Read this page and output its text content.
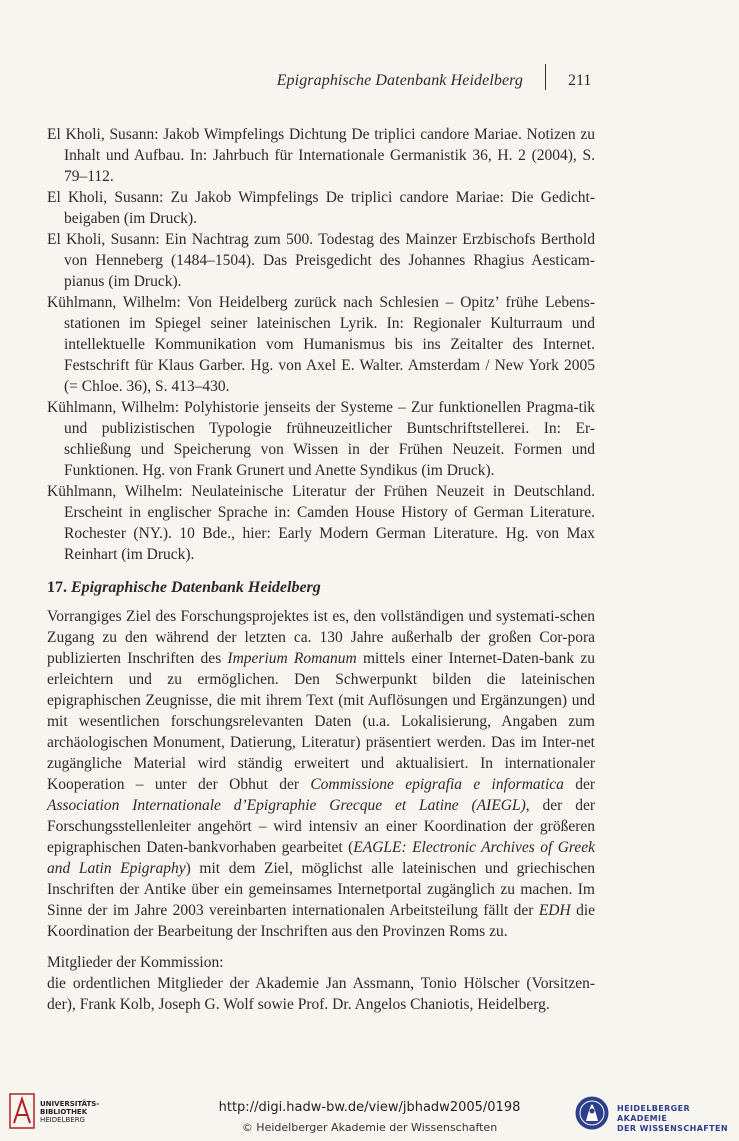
Epigraphische Datenbank Heidelberg	211

El Kholi, Susann: Jakob Wimpfelings Dichtung De triplici candore Mariae. Notizen zu Inhalt und Aufbau. In: Jahrbuch für Internationale Germanistik 36, H. 2 (2004), S. 79–112.

El Kholi, Susann: Zu Jakob Wimpfelings De triplici candore Mariae: Die Gedicht-beigaben (im Druck).

El Kholi, Susann: Ein Nachtrag zum 500. Todestag des Mainzer Erzbischofs Berthold von Henneberg (1484–1504). Das Preisgedicht des Johannes Rhagius Aesticam-pianus (im Druck).

Kühlmann, Wilhelm: Von Heidelberg zurück nach Schlesien – Opitz’ frühe Lebens-stationen im Spiegel seiner lateinischen Lyrik. In: Regionaler Kulturraum und intellektuelle Kommunikation vom Humanismus bis ins Zeitalter des Internet. Festschrift für Klaus Garber. Hg. von Axel E. Walter. Amsterdam / New York 2005 (= Chloe. 36), S. 413–430.

Kühlmann, Wilhelm: Polyhistorie jenseits der Systeme – Zur funktionellen Pragma-tik und publizistischen Typologie frühneuzeitlicher Buntschriftstellerei. In: Er-schließung und Speicherung von Wissen in der Frühen Neuzeit. Formen und Funktionen. Hg. von Frank Grunert und Anette Syndikus (im Druck).

Kühlmann, Wilhelm: Neulateinische Literatur der Frühen Neuzeit in Deutschland. Erscheint in englischer Sprache in: Camden House History of German Literature. Rochester (NY.). 10 Bde., hier: Early Modern German Literature. Hg. von Max Reinhart (im Druck).

17. Epigraphische Datenbank Heidelberg

Vorrangiges Ziel des Forschungsprojektes ist es, den vollständigen und systemati-schen Zugang zu den während der letzten ca. 130 Jahre außerhalb der großen Cor-pora publizierten Inschriften des Imperium Romanum mittels einer Internet-Daten-bank zu erleichtern und zu ermöglichen. Den Schwerpunkt bilden die lateinischen epigraphischen Zeugnisse, die mit ihrem Text (mit Auflösungen und Ergänzungen) und mit wesentlichen forschungsrelevanten Daten (u.a. Lokalisierung, Angaben zum archäologischen Monument, Datierung, Literatur) präsentiert werden. Das im Inter-net zugängliche Material wird ständig erweitert und aktualisiert. In internationaler Kooperation – unter der Obhut der Commissione epigrafia e informatica der Association Internationale d’Epigraphie Grecque et Latine (AIEGL), der der Forschungsstellenleiter angehört – wird intensiv an einer Koordination der größeren epigraphischen Daten-bankvorhaben gearbeitet (EAGLE: Electronic Archives of Greek and Latin Epigraphy) mit dem Ziel, möglichst alle lateinischen und griechischen Inschriften der Antike über ein gemeinsames Internetportal zugänglich zu machen. Im Sinne der im Jahre 2003 vereinbarten internationalen Arbeitsteilung fällt der EDH die Koordination der Bearbeitung der Inschriften aus den Provinzen Roms zu.

Mitglieder der Kommission:

die ordentlichen Mitglieder der Akademie Jan Assmann, Tonio Hölscher (Vorsitzen-der), Frank Kolb, Joseph G. Wolf sowie Prof. Dr. Angelos Chaniotis, Heidelberg.

UNIVERSITÄTS-
BIBLIOTHEK
HEIDELBERG
http://digi.hadw-bw.de/view/jbhadw2005/0198
© Heidelberger Akademie der Wissenschaften
HEIDELBERGER AKADEMIE
DER WISSENSCHAFTEN
